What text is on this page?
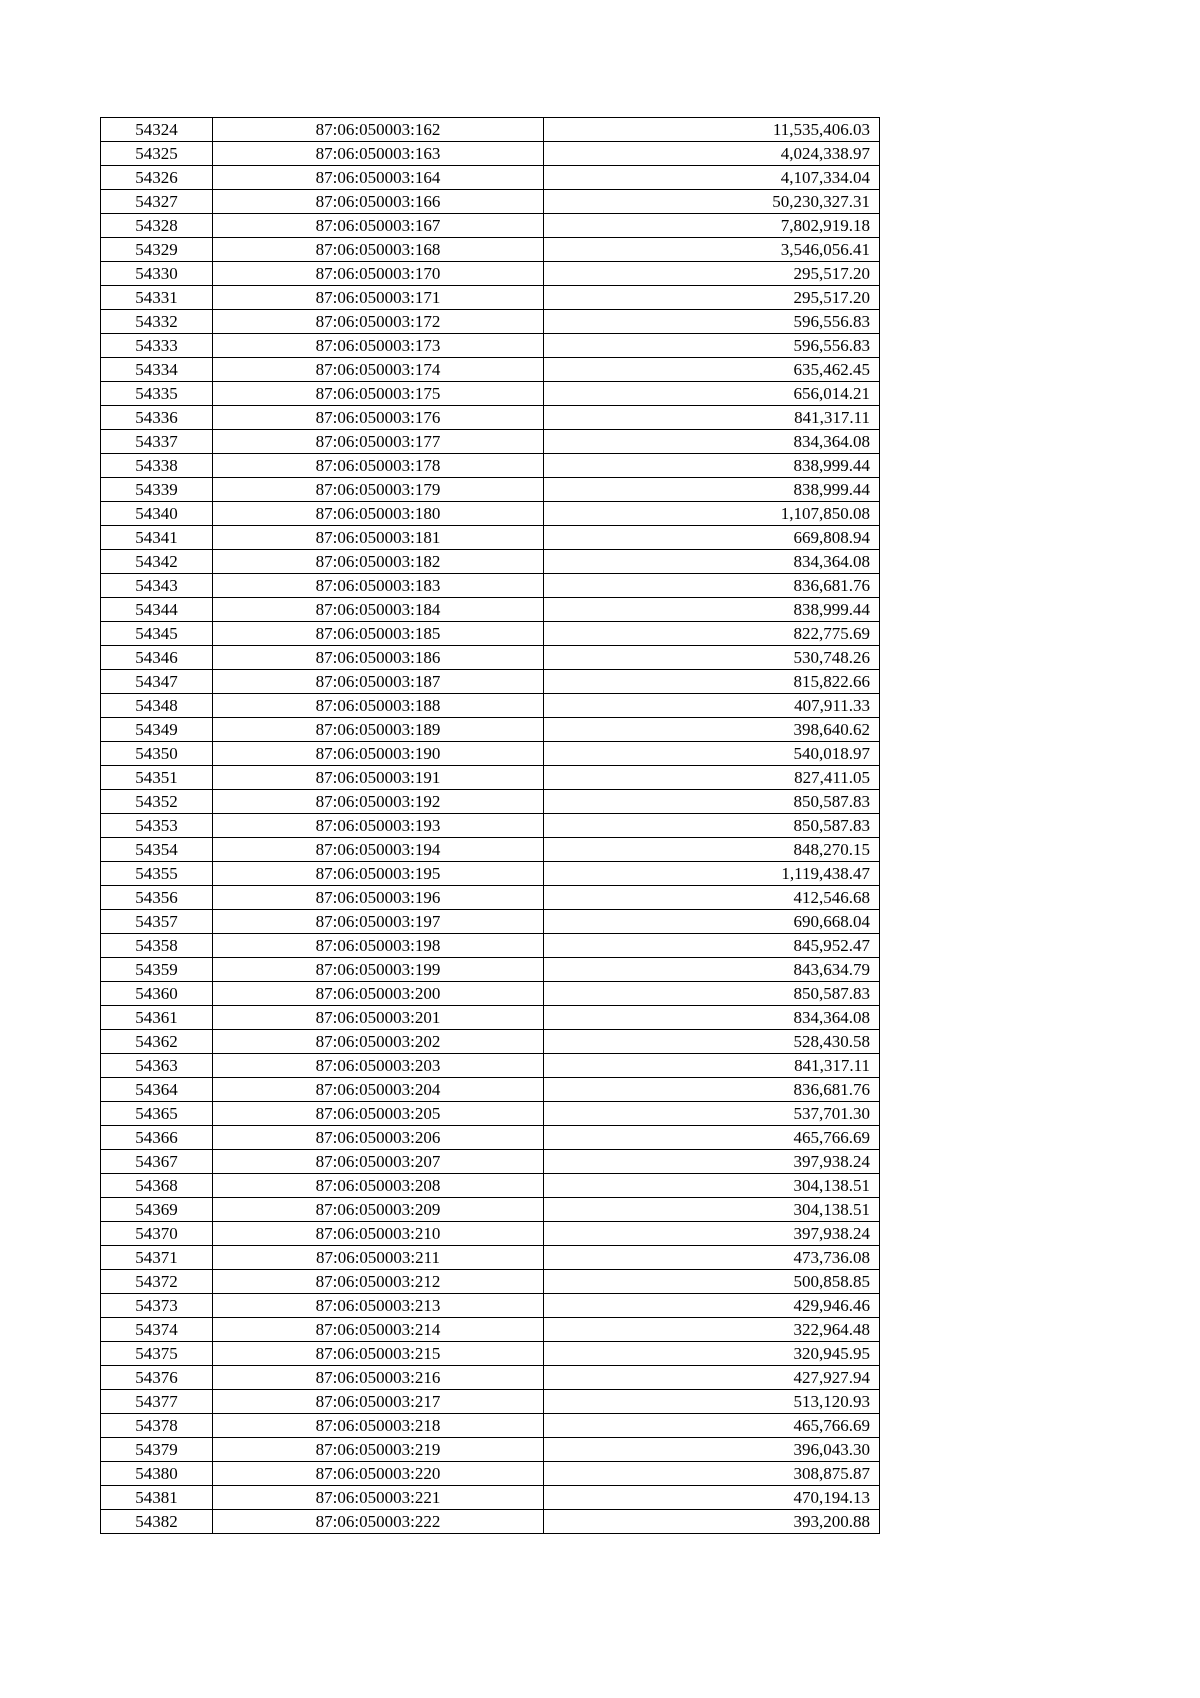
54324	87:06:050003:162	11,535,406.03
54325	87:06:050003:163	4,024,338.97
54326	87:06:050003:164	4,107,334.04
54327	87:06:050003:166	50,230,327.31
54328	87:06:050003:167	7,802,919.18
54329	87:06:050003:168	3,546,056.41
54330	87:06:050003:170	295,517.20
54331	87:06:050003:171	295,517.20
54332	87:06:050003:172	596,556.83
54333	87:06:050003:173	596,556.83
54334	87:06:050003:174	635,462.45
54335	87:06:050003:175	656,014.21
54336	87:06:050003:176	841,317.11
54337	87:06:050003:177	834,364.08
54338	87:06:050003:178	838,999.44
54339	87:06:050003:179	838,999.44
54340	87:06:050003:180	1,107,850.08
54341	87:06:050003:181	669,808.94
54342	87:06:050003:182	834,364.08
54343	87:06:050003:183	836,681.76
54344	87:06:050003:184	838,999.44
54345	87:06:050003:185	822,775.69
54346	87:06:050003:186	530,748.26
54347	87:06:050003:187	815,822.66
54348	87:06:050003:188	407,911.33
54349	87:06:050003:189	398,640.62
54350	87:06:050003:190	540,018.97
54351	87:06:050003:191	827,411.05
54352	87:06:050003:192	850,587.83
54353	87:06:050003:193	850,587.83
54354	87:06:050003:194	848,270.15
54355	87:06:050003:195	1,119,438.47
54356	87:06:050003:196	412,546.68
54357	87:06:050003:197	690,668.04
54358	87:06:050003:198	845,952.47
54359	87:06:050003:199	843,634.79
54360	87:06:050003:200	850,587.83
54361	87:06:050003:201	834,364.08
54362	87:06:050003:202	528,430.58
54363	87:06:050003:203	841,317.11
54364	87:06:050003:204	836,681.76
54365	87:06:050003:205	537,701.30
54366	87:06:050003:206	465,766.69
54367	87:06:050003:207	397,938.24
54368	87:06:050003:208	304,138.51
54369	87:06:050003:209	304,138.51
54370	87:06:050003:210	397,938.24
54371	87:06:050003:211	473,736.08
54372	87:06:050003:212	500,858.85
54373	87:06:050003:213	429,946.46
54374	87:06:050003:214	322,964.48
54375	87:06:050003:215	320,945.95
54376	87:06:050003:216	427,927.94
54377	87:06:050003:217	513,120.93
54378	87:06:050003:218	465,766.69
54379	87:06:050003:219	396,043.30
54380	87:06:050003:220	308,875.87
54381	87:06:050003:221	470,194.13
54382	87:06:050003:222	393,200.88
